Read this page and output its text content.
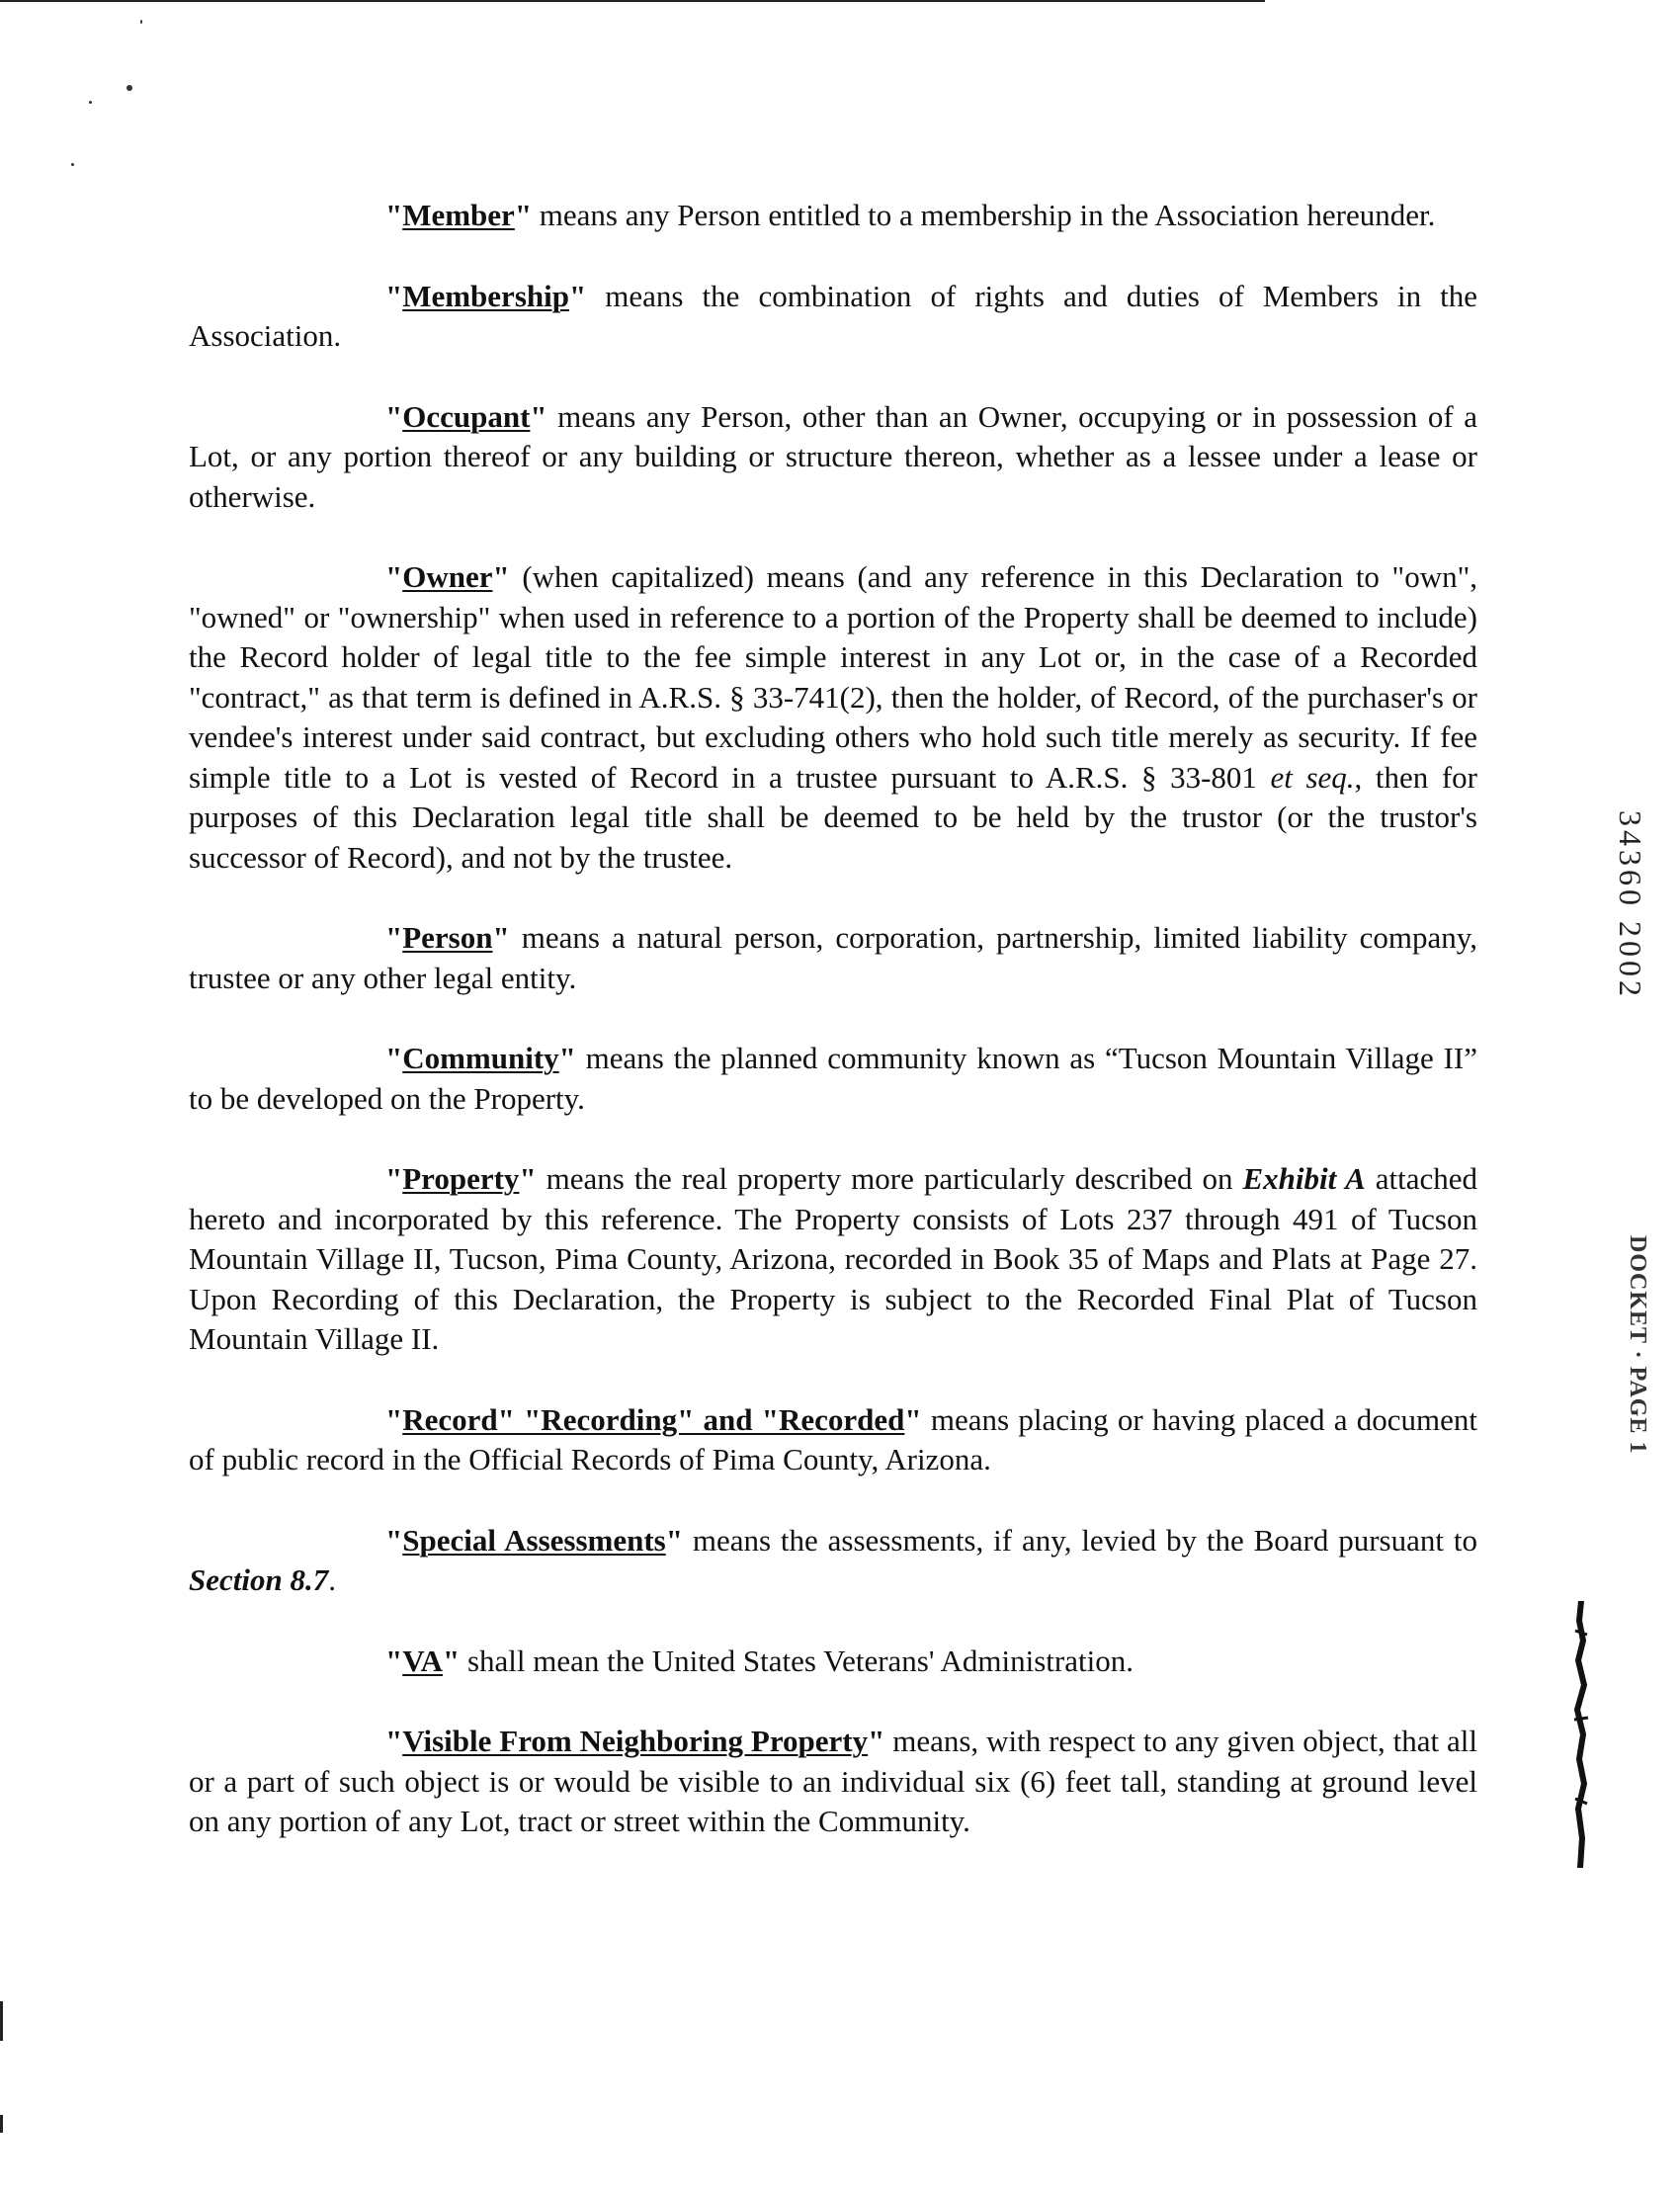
"Member" means any Person entitled to a membership in the Association hereunder.

"Membership" means the combination of rights and duties of Members in the Association.

"Occupant" means any Person, other than an Owner, occupying or in possession of a Lot, or any portion thereof or any building or structure thereon, whether as a lessee under a lease or otherwise.

"Owner" (when capitalized) means (and any reference in this Declaration to "own", "owned" or "ownership" when used in reference to a portion of the Property shall be deemed to include) the Record holder of legal title to the fee simple interest in any Lot or, in the case of a Recorded "contract," as that term is defined in A.R.S. § 33-741(2), then the holder, of Record, of the purchaser's or vendee's interest under said contract, but excluding others who hold such title merely as security. If fee simple title to a Lot is vested of Record in a trustee pursuant to A.R.S. § 33-801 et seq., then for purposes of this Declaration legal title shall be deemed to be held by the trustor (or the trustor's successor of Record), and not by the trustee.

"Person" means a natural person, corporation, partnership, limited liability company, trustee or any other legal entity.

"Community" means the planned community known as “Tucson Mountain Village II” to be developed on the Property.

"Property" means the real property more particularly described on Exhibit A attached hereto and incorporated by this reference. The Property consists of Lots 237 through 491 of Tucson Mountain Village II, Tucson, Pima County, Arizona, recorded in Book 35 of Maps and Plats at Page 27. Upon Recording of this Declaration, the Property is subject to the Recorded Final Plat of Tucson Mountain Village II.

"Record" "Recording" and "Recorded" means placing or having placed a document of public record in the Official Records of Pima County, Arizona.

"Special Assessments" means the assessments, if any, levied by the Board pursuant to Section 8.7.

"VA" shall mean the United States Veterans' Administration.

"Visible From Neighboring Property" means, with respect to any given object, that all or a part of such object is or would be visible to an individual six (6) feet tall, standing at ground level on any portion of any Lot, tract or street within the Community.

34360 2002
DOCKET · PAGE 1
